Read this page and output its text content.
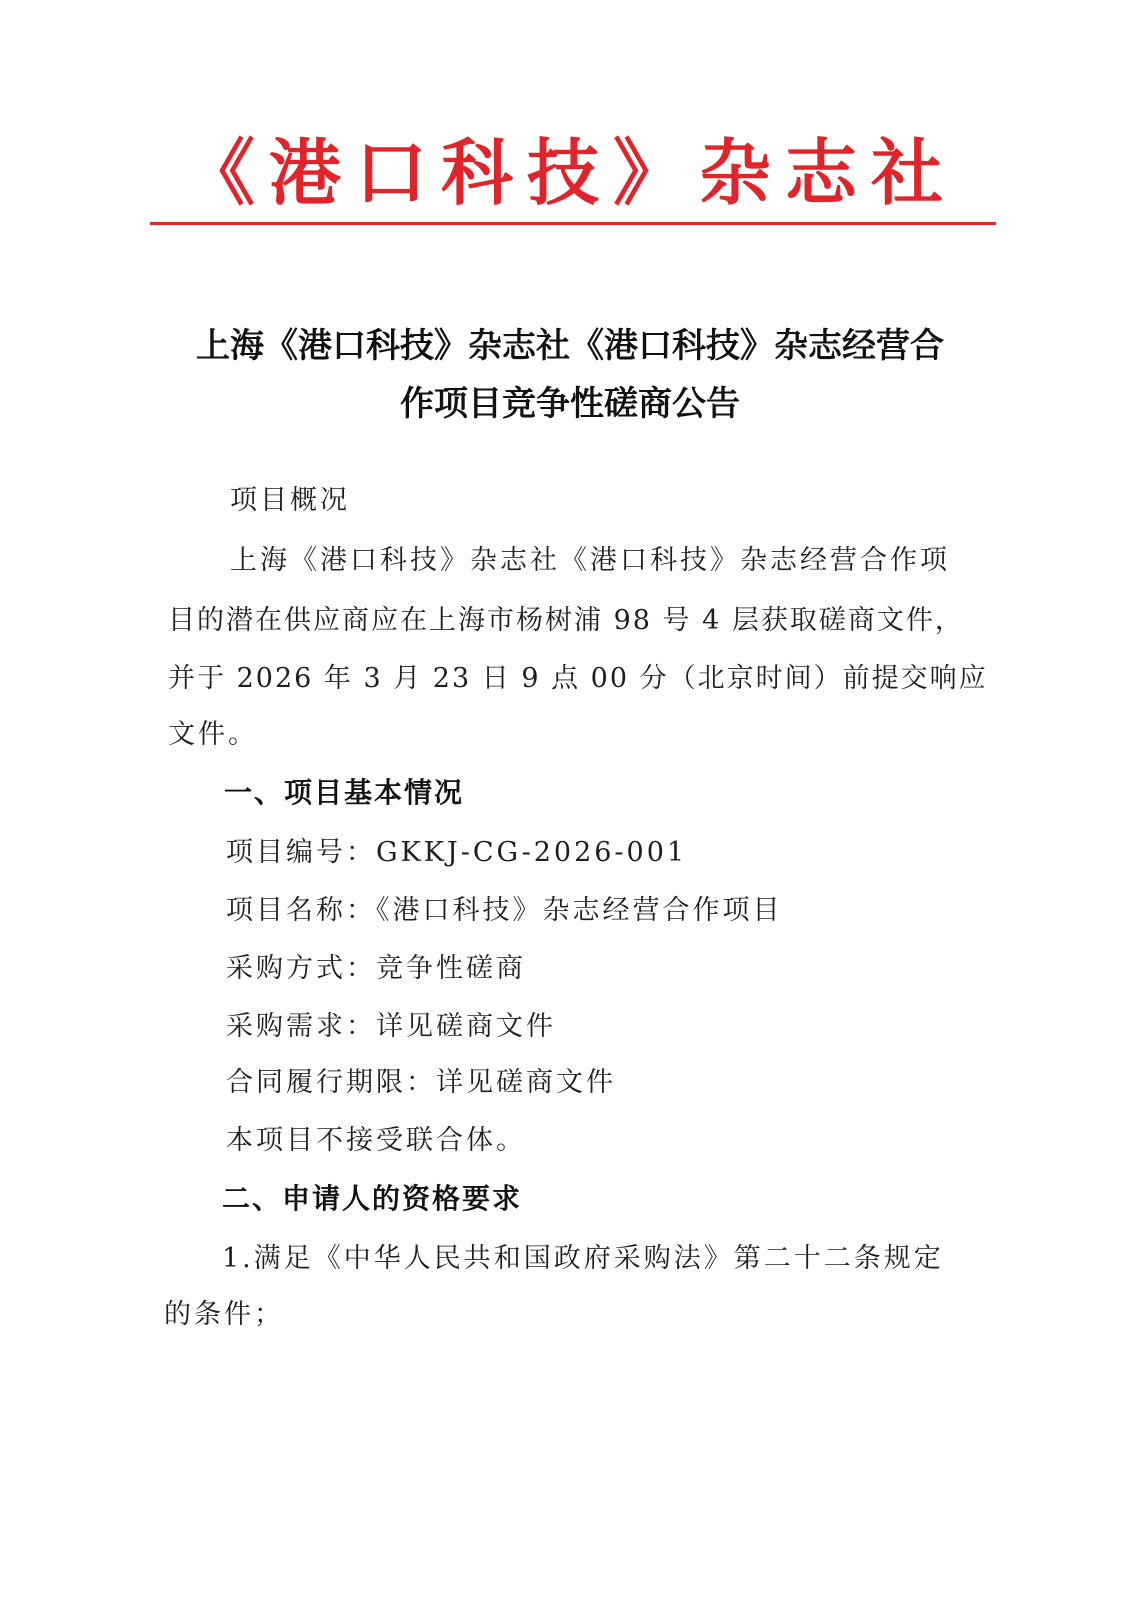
《港口科技》杂志社
上海《港口科技》杂志社《港口科技》杂志经营合
作项目竞争性磋商公告
项目概况
上海《港口科技》杂志社《港口科技》杂志经营合作项
目的潜在供应商应在上海市杨树浦 98 号 4 层获取磋商文件，
并于 2026 年 3 月 23 日 9 点 00 分（北京时间）前提交响应
文件。
一、项目基本情况
项目编号：GKKJ-CG-2026-001
项目名称：《港口科技》杂志经营合作项目
采购方式：竞争性磋商
采购需求：详见磋商文件
合同履行期限：详见磋商文件
本项目不接受联合体。
二、申请人的资格要求
1.满足《中华人民共和国政府采购法》第二十二条规定
的条件；
